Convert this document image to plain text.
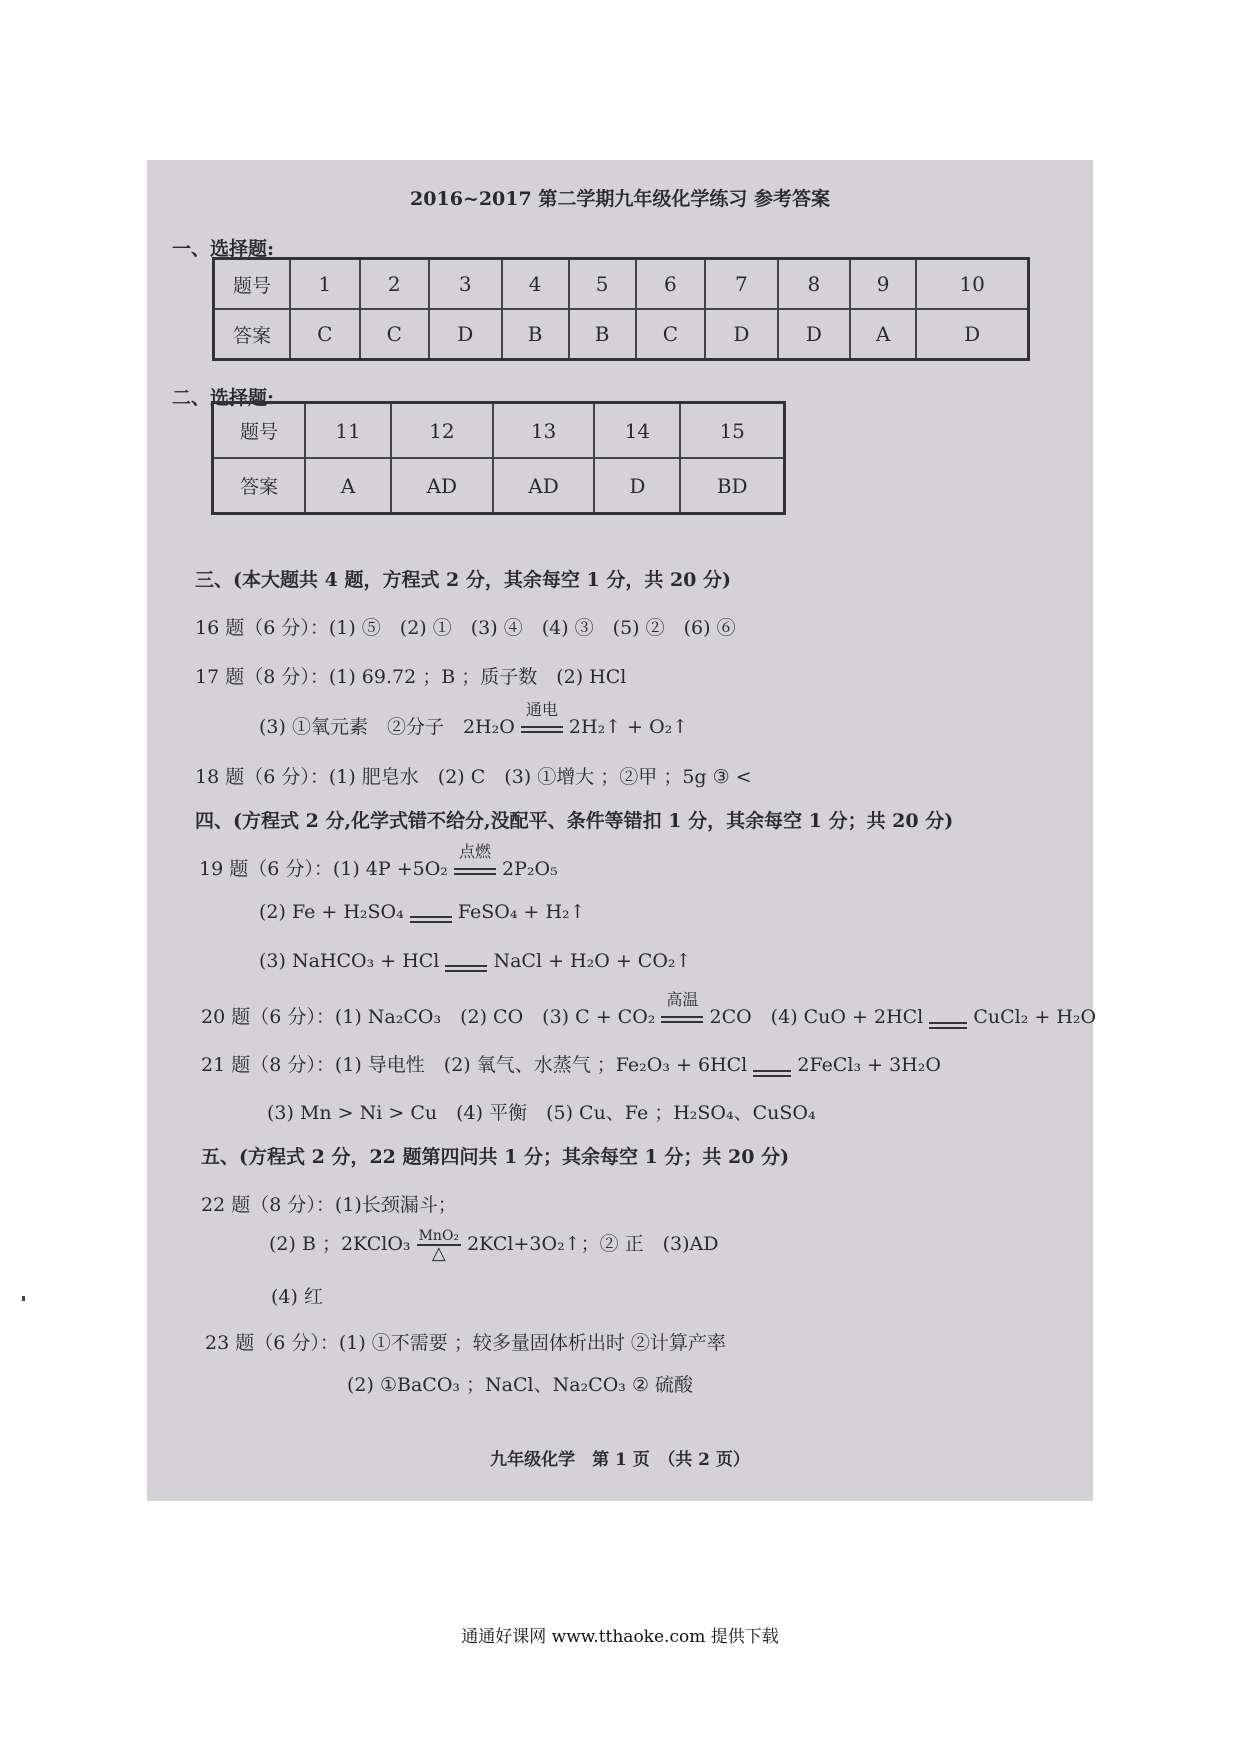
2016~2017 第二学期九年级化学练习 参考答案
一、选择题:
题号	1	2	3	4	5	6	7	8	9	10
答案	C	C	D	B	B	C	D	D	A	D
二、选择题:
题号	11	12	13	14	15
答案	A	AD	AD	D	BD
三、(本大题共 4 题，方程式 2 分，其余每空 1 分，共 20 分)
16 题（6 分）：(1) ⑤　(2) ①　(3) ④　(4) ③　(5) ②　(6) ⑥
17 题（8 分）：(1) 69.72 ；B ；质子数　(2) HCl
(3) ①氧元素　②分子　2H₂O
通电
2H₂↑ + O₂↑
18 题（6 分）：(1) 肥皂水　(2) C　(3) ①增大 ；②甲 ；5g ③ <
四、(方程式 2 分,化学式错不给分,没配平、条件等错扣 1 分，其余每空 1 分；共 20 分)
19 题（6 分）：(1) 4P +5O₂
点燃
2P₂O₅
(2) Fe + H₂SO₄	FeSO₄ + H₂↑
(3) NaHCO₃ + HCl	NaCl + H₂O + CO₂↑
20 题（6 分）：(1) Na₂CO₃　(2) CO　(3) C + CO₂
高温
2CO　(4) CuO + 2HCl	CuCl₂ + H₂O
21 题（8 分）：(1) 导电性　(2) 氧气、水蒸气 ；Fe₂O₃ + 6HCl	2FeCl₃ + 3H₂O
(3) Mn > Ni > Cu　(4) 平衡　(5) Cu、Fe ；H₂SO₄、CuSO₄
五、(方程式 2 分，22 题第四问共 1 分；其余每空 1 分；共 20 分)
22 题（8 分）：(1)长颈漏斗；
(2) B ；2KClO₃ $\frac{\text{MnO₂}}{\triangle}$ 2KCl+3O₂↑；② 正　(3)AD
(4) 红
23 题（6 分）：(1) ①不需要 ；较多量固体析出时 ②计算产率
(2) ①BaCO₃ ；NaCl、Na₂CO₃ ② 硫酸
九年级化学　第 1 页　（共 2 页）
通通好课网 www.tthaoke.com 提供下载
